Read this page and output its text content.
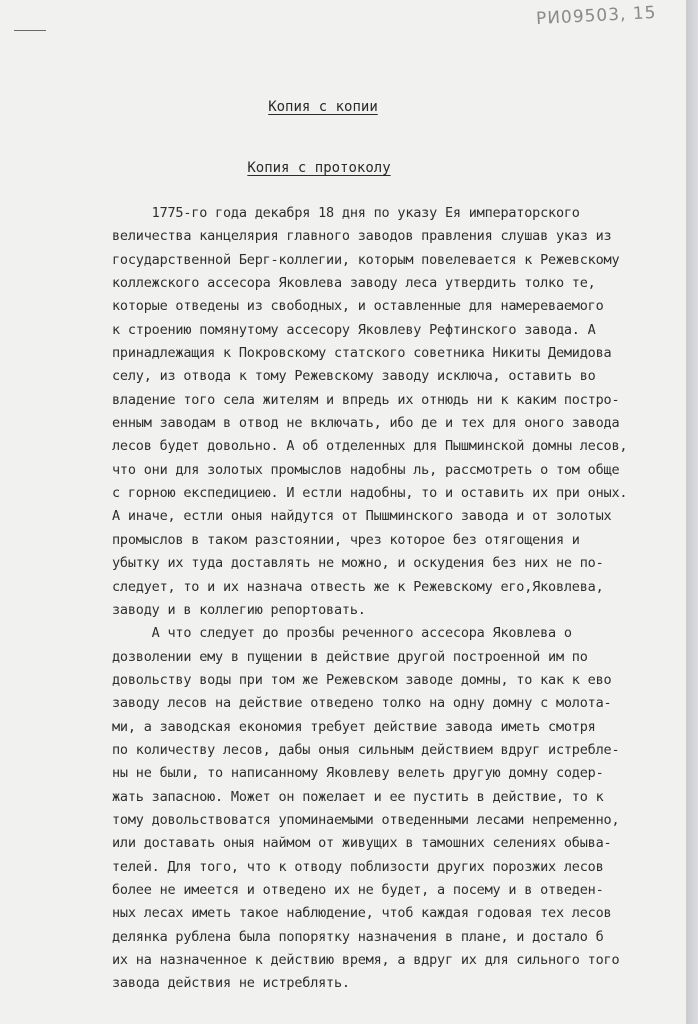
РИ09503, 15
Копия с копии
Копия с протоколу
1775-го года декабря 18 дня по указу Ея императорского
величества канцелярия главного заводов правления слушав указ из
государственной Берг-коллегии, которым повелевается к Режевскому
коллежского ассесора Яковлева заводу леса утвердить толко те,
которые отведены из свободных, и оставленные для намереваемого
к строению помянутому ассесору Яковлеву Рефтинского завода. А
принадлежащия к Покровскому статского советника Никиты Демидова
селу, из отвода к тому Режевскому заводу исключа, оставить во
владение того села жителям и впредь их отнюдь ни к каким постро-
енным заводам в отвод не включать, ибо де и тех для оного завода
лесов будет довольно. А об отделенных для Пышминской домны лесов,
что они для золотых промыслов надобны ль, рассмотреть о том обще
с горною експедициею. И естли надобны, то и оставить их при оных.
А иначе, естли оныя найдутся от Пышминского завода и от золотых
промыслов в таком разстоянии, чрез которое без отягощения и
убытку их туда доставлять не можно, и оскудения без них не по-
следует, то и их назнача отвесть же к Режевскому его,Яковлева,
заводу и в коллегию репортовать.
А что следует до прозбы реченного ассесора Яковлева о
дозволении ему в пущении в действие другой построенной им по
довольству воды при том же Режевском заводе домны, то как к ево
заводу лесов на действие отведено толко на одну домну с молота-
ми, а заводская економия требует действие завода иметь смотря
по количеству лесов, дабы оныя сильным действием вдруг истребле-
ны не были, то написанному Яковлеву велеть другую домну содер-
жать запасною. Может он пожелает и ее пустить в действие, то к
тому довольствоватся упоминаемыми отведенными лесами непременно,
или доставать оныя наймом от живущих в тамошних селениях обыва-
телей. Для того, что к отводу поблизости других порозжих лесов
более не имеется и отведено их не будет, а посему и в отведен-
ных лесах иметь такое наблюдение, чтоб каждая годовая тех лесов
делянка рублена была попорятку назначения в плане, и достало б
их на назначенное к действию время, а вдруг их для сильного того
завода действия не истреблять.
